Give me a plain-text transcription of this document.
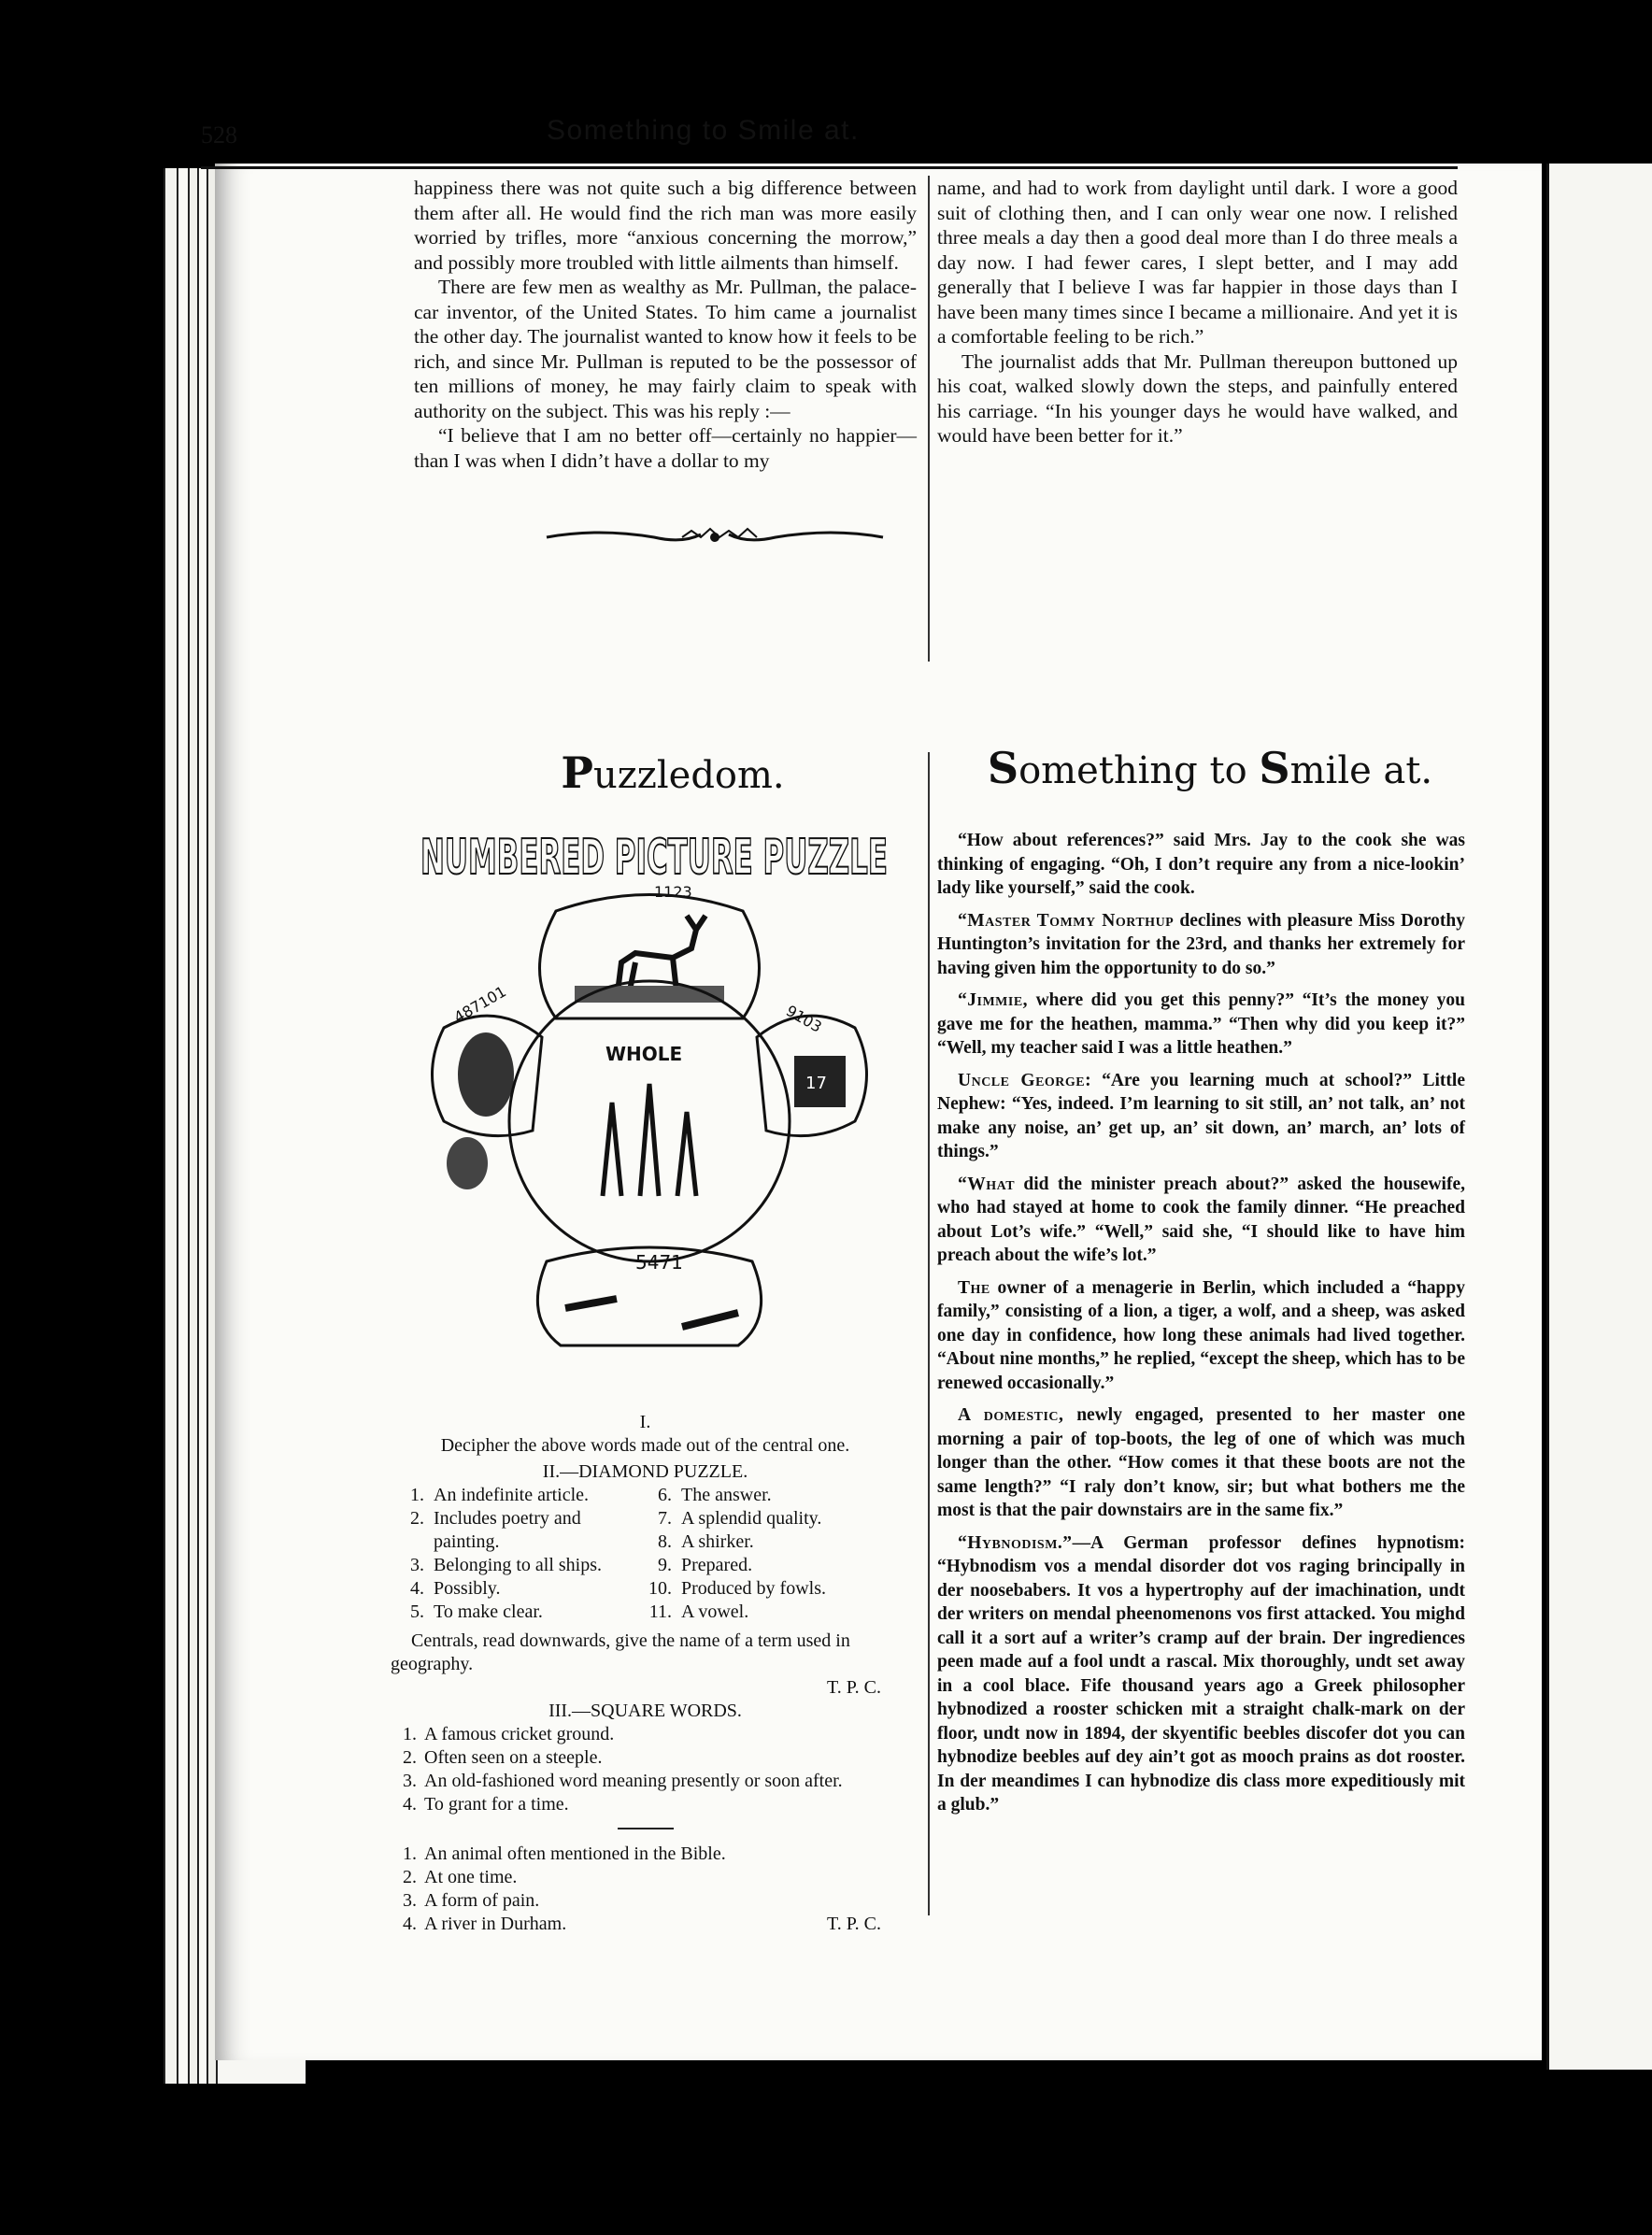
528	Something to Smile at.

happiness there was not quite such a big difference between them after all. He would find the rich man was more easily worried by trifles, more “anxious concerning the morrow,” and possibly more troubled with little ailments than himself.

There are few men as wealthy as Mr. Pullman, the palace-car inventor, of the United States. To him came a journalist the other day. The journalist wanted to know how it feels to be rich, and since Mr. Pullman is reputed to be the possessor of ten millions of money, he may fairly claim to speak with authority on the subject. This was his reply :—

“I believe that I am no better off—certainly no happier—than I was when I didn’t have a dollar to my

name, and had to work from daylight until dark. I wore a good suit of clothing then, and I can only wear one now. I relished three meals a day then a good deal more than I do three meals a day now. I had fewer cares, I slept better, and I may add generally that I believe I was far happier in those days than I have been many times since I became a millionaire. And yet it is a comfortable feeling to be rich.”

The journalist adds that Mr. Pullman thereupon buttoned up his coat, walked slowly down the steps, and painfully entered his carriage. “In his younger days he would have walked, and would have been better for it.”

Puzzledom.	Something to Smile at.
NUMBERED PICTURE PUZZLE
17
WHOLE
5471
1123
487101	9103
I.
Decipher the above words made out of the central one.
II.—DIAMOND PUZZLE.
1. An indefinite article.
2. Includes poetry and painting.
3. Belonging to all ships.
4. Possibly.
5. To make clear.
6. The answer.
7. A splendid quality.
8. A shirker.
9. Prepared.
10. Produced by fowls.
11. A vowel.
Centrals, read downwards, give the name of a term used in geography.
T. P. C.
III.—SQUARE WORDS.
1. A famous cricket ground.
2. Often seen on a steeple.
3. An old-fashioned word meaning presently or soon after.
4. To grant for a time.
1. An animal often mentioned in the Bible.
2. At one time.
3. A form of pain.
4. A river in Durham.	T. P. C.

“How about references?” said Mrs. Jay to the cook she was thinking of engaging. “Oh, I don’t require any from a nice-lookin’ lady like yourself,” said the cook.

“Master Tommy Northup declines with pleasure Miss Dorothy Huntington’s invitation for the 23rd, and thanks her extremely for having given him the opportunity to do so.”

“Jimmie, where did you get this penny?” “It’s the money you gave me for the heathen, mamma.” “Then why did you keep it?” “Well, my teacher said I was a little heathen.”

Uncle George: “Are you learning much at school?” Little Nephew: “Yes, indeed. I’m learning to sit still, an’ not talk, an’ not make any noise, an’ get up, an’ sit down, an’ march, an’ lots of things.”

“What did the minister preach about?” asked the housewife, who had stayed at home to cook the family dinner. “He preached about Lot’s wife.” “Well,” said she, “I should like to have him preach about the wife’s lot.”

The owner of a menagerie in Berlin, which included a “happy family,” consisting of a lion, a tiger, a wolf, and a sheep, was asked one day in confidence, how long these animals had lived together. “About nine months,” he replied, “except the sheep, which has to be renewed occasionally.”

A domestic, newly engaged, presented to her master one morning a pair of top-boots, the leg of one of which was much longer than the other. “How comes it that these boots are not the same length?” “I raly don’t know, sir; but what bothers me the most is that the pair downstairs are in the same fix.”

“Hybnodism.”—A German professor defines hypnotism: “Hybnodism vos a mendal disorder dot vos raging brincipally in der noosebabers. It vos a hypertrophy auf der imachination, undt der writers on mendal pheenomenons vos first attacked. You mighd call it a sort auf a writer’s cramp auf der brain. Der ingrediences peen made auf a fool undt a rascal. Mix thoroughly, undt set away in a cool blace. Fife thousand years ago a Greek philosopher hybnodized a rooster schicken mit a straight chalk-mark on der floor, undt now in 1894, der skyentific beebles discofer dot you can hybnodize beebles auf dey ain’t got as mooch prains as dot rooster. In der meandimes I can hybnodize dis class more expeditiously mit a glub.”
